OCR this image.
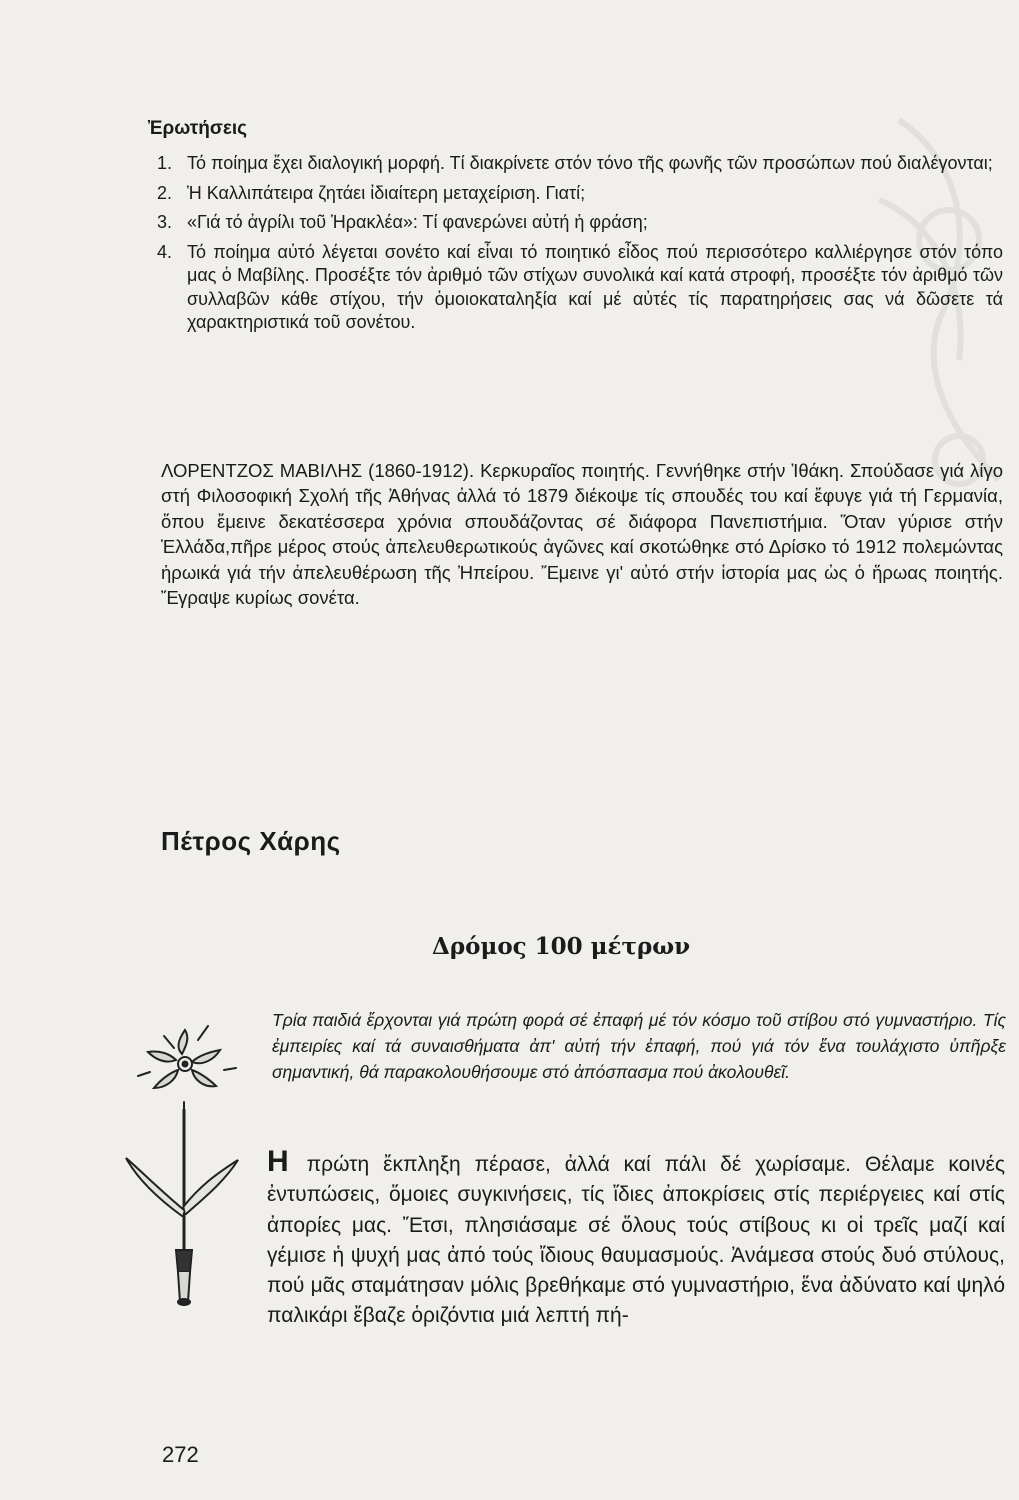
Ἐρωτήσεις
1. Τό ποίημα ἔχει διαλογική μορφή. Τί διακρίνετε στόν τόνο τῆς φωνῆς τῶν προσώπων πού διαλέγονται;
2. Ἡ Καλλιπάτειρα ζητάει ἰδιαίτερη μεταχείριση. Γιατί;
3. «Γιά τό ἀγρίλι τοῦ Ἡρακλέα»: Τί φανερώνει αὐτή ἡ φράση;
4. Τό ποίημα αὐτό λέγεται σονέτο καί εἶναι τό ποιητικό εἶδος πού περισσότερο καλλιέργησε στόν τόπο μας ὁ Μαβίλης. Προσέξτε τόν ἀριθμό τῶν στίχων συνολικά καί κατά στροφή, προσέξτε τόν ἀριθμό τῶν συλλαβῶν κάθε στίχου, τήν ὁμοιοκαταληξία καί μέ αὐτές τίς παρατηρήσεις σας νά δῶσετε τά χαρακτηριστικά τοῦ σονέτου.

ΛΟΡΕΝΤΖΟΣ ΜΑΒΙΛΗΣ (1860-1912). Κερκυραῖος ποιητής. Γεννήθηκε στήν Ἰθάκη. Σπούδασε γιά λίγο στή Φιλοσοφική Σχολή τῆς Ἀθήνας ἀλλά τό 1879 διέκοψε τίς σπουδές του καί ἔφυγε γιά τή Γερμανία, ὅπου ἔμεινε δεκατέσσερα χρόνια σπουδάζοντας σέ διάφορα Πανεπιστήμια. Ὅταν γύρισε στήν Ἑλλάδα,πῆρε μέρος στούς ἀπελευθερωτικούς ἀγῶνες καί σκοτώθηκε στό Δρίσκο τό 1912 πολεμώντας ἡρωικά γιά τήν ἀπελευθέρωση τῆς Ἠπείρου. Ἔμεινε γι' αὐτό στήν ἱστορία μας ὡς ὁ ἥρωας ποιητής. Ἔγραψε κυρίως σονέτα.

Πέτρος Χάρης
Δρόμος 100 μέτρων

Τρία παιδιά ἔρχονται γιά πρώτη φορά σέ ἐπαφή μέ τόν κόσμο τοῦ στίβου στό γυμναστήριο. Τίς ἐμπειρίες καί τά συναισθήματα ἀπ' αὐτή τήν ἐπαφή, πού γιά τόν ἕνα τουλάχιστο ὑπῆρξε σημαντική, θά παρακολουθήσουμε στό ἀπόσπασμα πού ἀκολουθεῖ.

Η πρώτη ἔκπληξη πέρασε, ἀλλά καί πάλι δέ χωρίσαμε. Θέλαμε κοινές ἐντυπώσεις, ὅμοιες συγκινήσεις, τίς ἴδιες ἀποκρίσεις στίς περιέργειες καί στίς ἀπορίες μας. Ἔτσι, πλησιάσαμε σέ ὅλους τούς στίβους κι οἱ τρεῖς μαζί καί γέμισε ἡ ψυχή μας ἀπό τούς ἴδιους θαυμασμούς. Ἀνάμεσα στούς δυό στύλους, πού μᾶς σταμάτησαν μόλις βρεθήκαμε στό γυμναστήριο, ἕνα ἀδύνατο καί ψηλό παλικάρι ἔβαζε ὁριζόντια μιά λεπτή πή-

272
